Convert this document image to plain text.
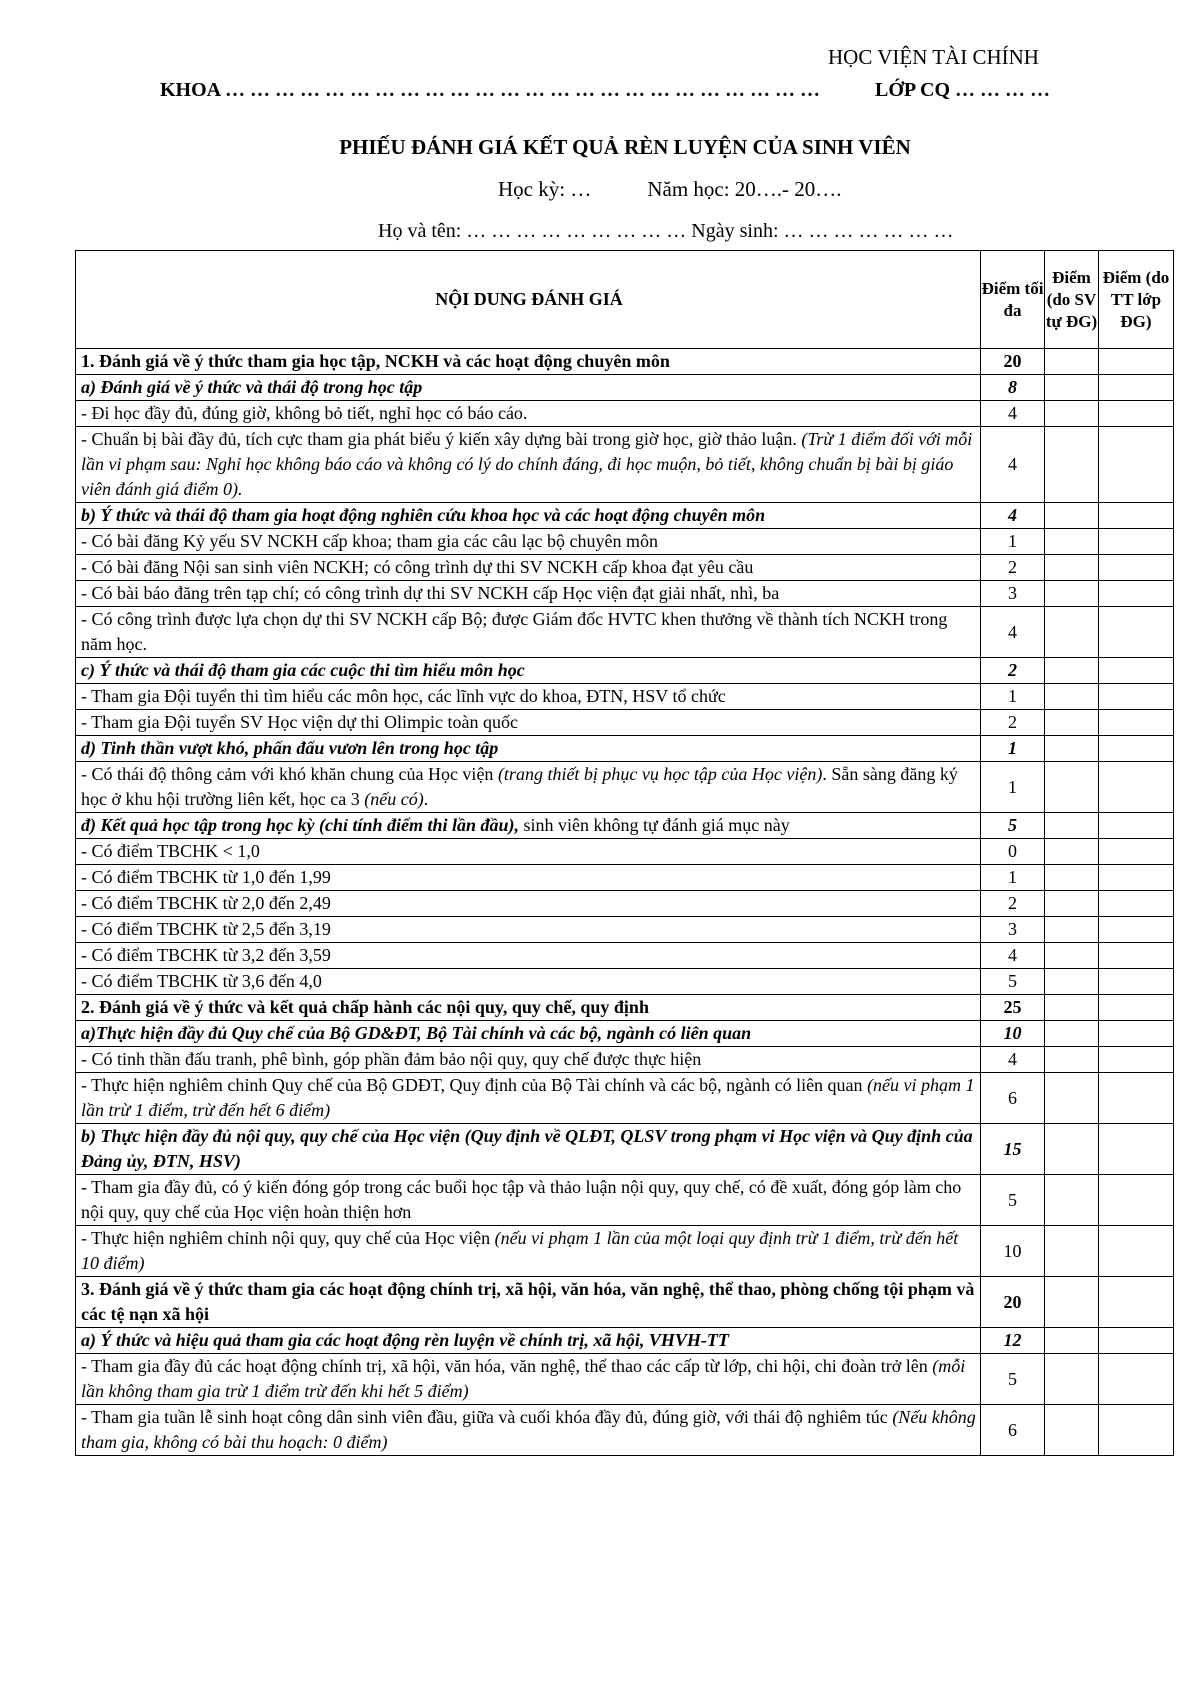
HỌC VIỆN TÀI CHÍNH
KHOA … … … … … … … … … … … … … … … … … … … … … … … …	LỚP CQ … … … …
PHIẾU ĐÁNH GIÁ KẾT QUẢ RÈN LUYỆN CỦA SINH VIÊN
Học kỳ: …	Năm học: 20….- 20….
Họ và tên: … … … … … … … … … Ngày sinh: … … … … … … …
NỘI DUNG ĐÁNH GIÁ	Điểm tối đa	Điểm (do SV tự ĐG)	Điểm (do TT lớp ĐG)
1. Đánh giá về ý thức tham gia học tập, NCKH và các hoạt động chuyên môn	20		
a) Đánh giá về ý thức và thái độ trong học tập	8		
- Đi học đầy đủ, đúng giờ, không bỏ tiết, nghỉ học có báo cáo.	4		
- Chuẩn bị bài đầy đủ, tích cực tham gia phát biểu ý kiến xây dựng bài trong giờ học, giờ thảo luận. (Trừ 1 điểm đối với mỗi lần vi phạm sau: Nghỉ học không báo cáo và không có lý do chính đáng, đi học muộn, bỏ tiết, không chuẩn bị bài bị giáo viên đánh giá điểm 0).	4		
b) Ý thức và thái độ tham gia hoạt động nghiên cứu khoa học và các hoạt động chuyên môn	4		
- Có bài đăng Kỷ yếu SV NCKH cấp khoa; tham gia các câu lạc bộ chuyên môn	1		
- Có bài đăng Nội san sinh viên NCKH; có công trình dự thi SV NCKH cấp khoa đạt yêu cầu	2		
- Có bài báo đăng trên tạp chí; có công trình dự thi SV NCKH cấp Học viện đạt giải nhất, nhì, ba	3		
- Có công trình được lựa chọn dự thi SV NCKH cấp Bộ; được Giám đốc HVTC khen thưởng về thành tích NCKH trong năm học.	4		
c) Ý thức và thái độ tham gia các cuộc thi tìm hiểu môn học	2		
- Tham gia Đội tuyển thi tìm hiểu các môn học, các lĩnh vực do khoa, ĐTN, HSV tổ chức	1		
- Tham gia Đội tuyển SV Học viện dự thi Olimpic toàn quốc	2		
d) Tinh thần vượt khó, phấn đấu vươn lên trong học tập	1		
- Có thái độ thông cảm với khó khăn chung của Học viện (trang thiết bị phục vụ học tập của Học viện). Sẵn sàng đăng ký học ở khu hội trường liên kết, học ca 3 (nếu có).	1		
đ) Kết quả học tập trong học kỳ (chỉ tính điểm thi lần đầu), sinh viên không tự đánh giá mục này	5		
- Có điểm TBCHK < 1,0	0		
- Có điểm TBCHK từ 1,0 đến 1,99	1		
- Có điểm TBCHK từ 2,0 đến 2,49	2		
- Có điểm TBCHK từ 2,5 đến 3,19	3		
- Có điểm TBCHK từ 3,2 đến 3,59	4		
- Có điểm TBCHK từ 3,6 đến 4,0	5		
2. Đánh giá về ý thức và kết quả chấp hành các nội quy, quy chế, quy định	25		
a)Thực hiện đầy đủ Quy chế của Bộ GD&ĐT, Bộ Tài chính và các bộ, ngành có liên quan	10		
- Có tinh thần đấu tranh, phê bình, góp phần đảm bảo nội quy, quy chế được thực hiện	4		
- Thực hiện nghiêm chỉnh Quy chế của Bộ GDĐT, Quy định của Bộ Tài chính và các bộ, ngành có liên quan (nếu vi phạm 1 lần trừ 1 điểm, trừ đến hết 6 điểm)	6		
b) Thực hiện đầy đủ nội quy, quy chế của Học viện (Quy định về QLĐT, QLSV trong phạm vi Học viện và Quy định của Đảng ủy, ĐTN, HSV)	15		
- Tham gia đầy đủ, có ý kiến đóng góp trong các buổi học tập và thảo luận nội quy, quy chế, có đề xuất, đóng góp làm cho nội quy, quy chế của Học viện hoàn thiện hơn	5		
- Thực hiện nghiêm chỉnh nội quy, quy chế của Học viện (nếu vi phạm 1 lần của một loại quy định trừ 1 điểm, trừ đến hết 10 điểm)	10		
3. Đánh giá về ý thức tham gia các hoạt động chính trị, xã hội, văn hóa, văn nghệ, thể thao, phòng chống tội phạm và các tệ nạn xã hội	20		
a) Ý thức và hiệu quả tham gia các hoạt động rèn luyện về chính trị, xã hội, VHVH-TT	12		
- Tham gia đầy đủ các hoạt động chính trị, xã hội, văn hóa, văn nghệ, thể thao các cấp từ lớp, chi hội, chi đoàn trở lên (mỗi lần không tham gia trừ 1 điểm trừ đến khi hết 5 điểm)	5		
- Tham gia tuần lễ sinh hoạt công dân sinh viên đầu, giữa và cuối khóa đầy đủ, đúng giờ, với thái độ nghiêm túc (Nếu không tham gia, không có bài thu hoạch: 0 điểm)	6		
